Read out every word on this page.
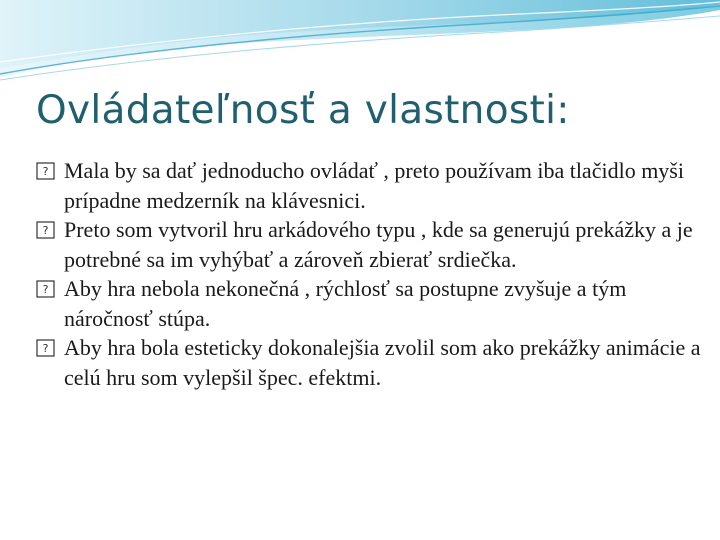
Ovládateľnosť a vlastnosti:
? Mala by sa dať jednoducho ovládať , preto používam iba tlačidlo myši prípadne medzerník na klávesnici.
? Preto som vytvoril hru arkádového typu , kde sa generujú prekážky a je potrebné sa im vyhýbať a zároveň zbierať srdiečka.
? Aby hra nebola nekonečná , rýchlosť sa postupne zvyšuje a tým náročnosť stúpa.
? Aby hra bola esteticky dokonalejšia zvolil som ako prekážky animácie a celú hru som vylepšil špec. efektmi.
